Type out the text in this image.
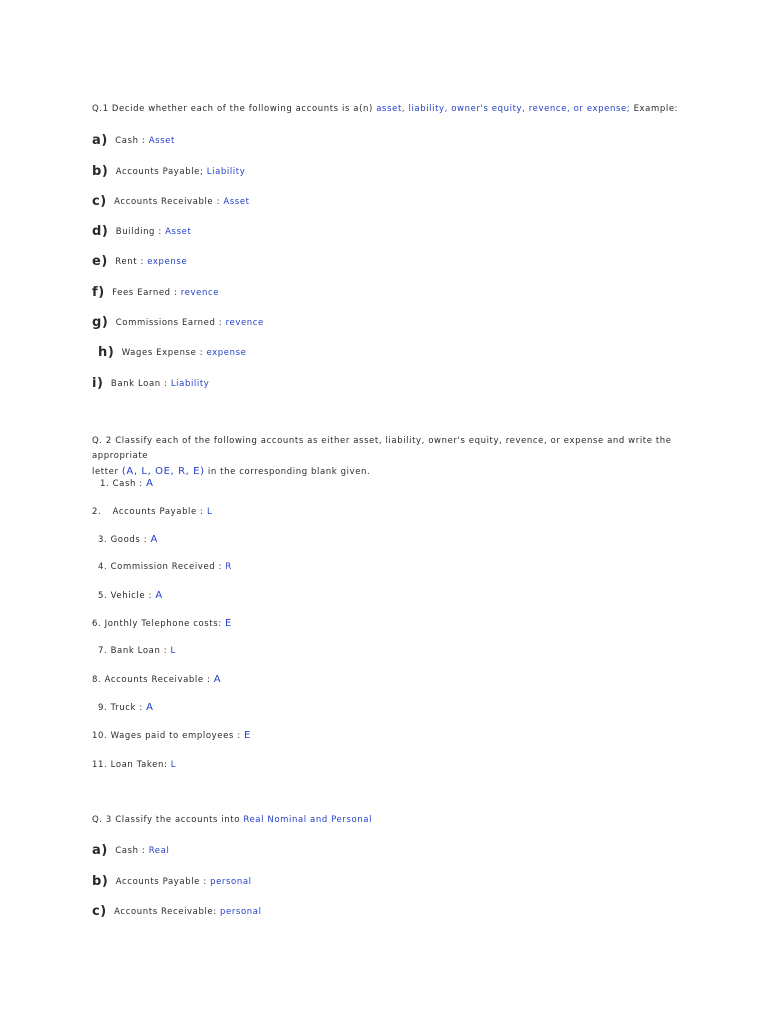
Q.1 Decide whether each of the following accounts is a(n) asset, liability, owner's equity, revence, or expense; Example:
a) Cash : Asset
b) Accounts Payable; Liability
c) Accounts Receivable : Asset
d) Building : Asset
e) Rent : expense
f) Fees Earned : revence
g) Commissions Earned : revence
h) Wages Expense : expense
i) Bank Loan : Liability
Q. 2 Classify each of the following accounts as either asset, liability, owner's equity, revence, or expense and write the appropriate
letter (A, L, OE, R, E) in the corresponding blank given.
1. Cash : A
2. Accounts Payable : L
3. Goods : A
4. Commission Received : R
5. Vehicle : A
6. Jonthly Telephone costs: E
7. Bank Loan : L
8. Accounts Receivable : A
9. Truck : A
10. Wages paid to employees : E
11. Loan Taken: L
Q. 3 Classify the accounts into Real Nominal and Personal
a) Cash : Real
b) Accounts Payable : personal
c) Accounts Receivable: personal
